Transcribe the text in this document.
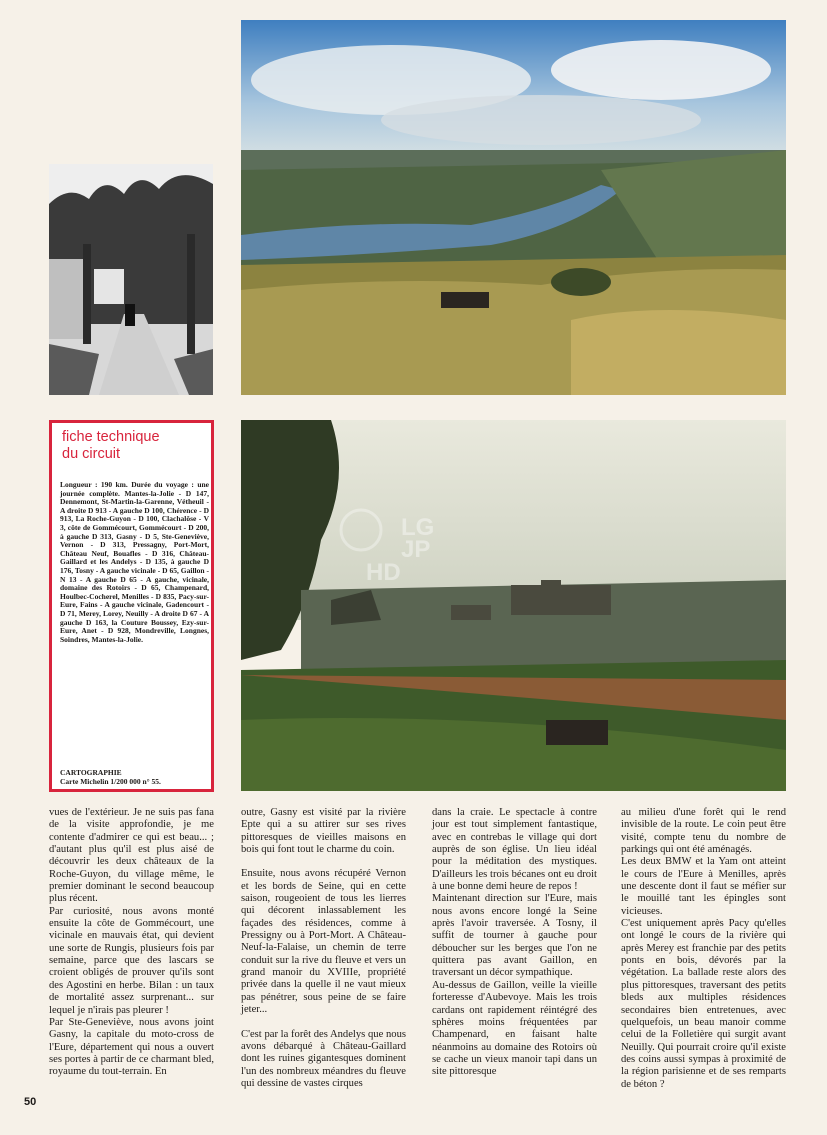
fiche technique
du circuit

Longueur : 190 km. Durée du voyage : une journée complète. Mantes-la-Jolie - D 147, Dennemont, St-Martin-la-Garenne, Vétheuil - A droite D 913 - A gauche D 100, Chérence - D 913, La Roche-Guyon - D 100, Clachalôse - V 3, côte de Gommécourt, Gommécourt - D 200, à gauche D 313, Gasny - D 5, Ste-Geneviève, Vernon - D 313, Pressagny, Port-Mort, Château Neuf, Bouafles - D 316, Château-Gaillard et les Andelys - D 135, à gauche D 176, Tosny - A gauche vicinale - D 65, Gaillon - N 13 - A gauche D 65 - A gauche, vicinale, domaine des Rotoirs - D 65, Champenard, Houlbec-Cocherel, Menilles - D 835, Pacy-sur-Eure, Fains - A gauche vicinale, Gadencourt - D 71, Merey, Lorey, Neuilly - A droite D 67 - A gauche D 163, la Couture Boussey, Ezy-sur-Eure, Anet - D 928, Mondreville, Longnes, Soindres, Mantes-la-Jolie.

CARTOGRAPHIE

Carte Michelin 1/200 000 n° 55.

LG
JP
HD

vues de l'extérieur. Je ne suis pas fana de la visite approfondie, je me contente d'admirer ce qui est beau... ; d'autant plus qu'il est plus aisé de découvrir les deux châteaux de la Roche-Guyon, du village même, le premier dominant le second beaucoup plus récent.

Par curiosité, nous avons monté ensuite la côte de Gommécourt, une vicinale en mauvais état, qui devient une sorte de Rungis, plusieurs fois par semaine, parce que des lascars se croient obligés de prouver qu'ils sont des Agostini en herbe. Bilan : un taux de mortalité assez surprenant... sur lequel je n'irais pas pleurer !

Par Ste-Geneviève, nous avons joint Gasny, la capitale du moto-cross de l'Eure, département qui nous a ouvert ses portes à partir de ce charmant bled, royaume du tout-terrain. En

outre, Gasny est visité par la rivière Epte qui a su attirer sur ses rives pittoresques de vieilles maisons en bois qui font tout le charme du coin.

Ensuite, nous avons récupéré Vernon et les bords de Seine, qui en cette saison, rougeoient de tous les lierres qui décorent inlassablement les façades des résidences, comme à Pressigny ou à Port-Mort. A Château-Neuf-la-Falaise, un chemin de terre conduit sur la rive du fleuve et vers un grand manoir du XVIIIe, propriété privée dans la quelle il ne vaut mieux pas pénétrer, sous peine de se faire jeter...

C'est par la forêt des Andelys que nous avons débarqué à Château-Gaillard dont les ruines gigantesques dominent l'un des nombreux méandres du fleuve qui dessine de vastes cirques

dans la craie. Le spectacle à contre jour est tout simplement fantastique, avec en contrebas le village qui dort auprès de son église. Un lieu idéal pour la méditation des mystiques. D'ailleurs les trois bécanes ont eu droit à une bonne demi heure de repos !

Maintenant direction sur l'Eure, mais nous avons encore longé la Seine après l'avoir traversée. A Tosny, il suffit de tourner à gauche pour déboucher sur les berges que l'on ne quittera pas avant Gaillon, en traversant un décor sympathique.

Au-dessus de Gaillon, veille la vieille forteresse d'Aubevoye. Mais les trois cardans ont rapidement réintégré des sphères moins fréquentées par Champenard, en faisant halte néanmoins au domaine des Rotoirs où se cache un vieux manoir tapi dans un site pittoresque

au milieu d'une forêt qui le rend invisible de la route. Le coin peut être visité, compte tenu du nombre de parkings qui ont été aménagés.

Les deux BMW et la Yam ont atteint le cours de l'Eure à Menilles, après une descente dont il faut se méfier sur le mouillé tant les épingles sont vicieuses.

C'est uniquement après Pacy qu'elles ont longé le cours de la rivière qui après Merey est franchie par des petits ponts en bois, dévorés par la végétation. La ballade reste alors des plus pittoresques, traversant des petits bleds aux multiples résidences secondaires bien entretenues, avec quelquefois, un beau manoir comme celui de la Folletière qui surgit avant Neuilly. Qui pourrait croire qu'il existe des coins aussi sympas à proximité de la région parisienne et de ses remparts de béton ?

50
